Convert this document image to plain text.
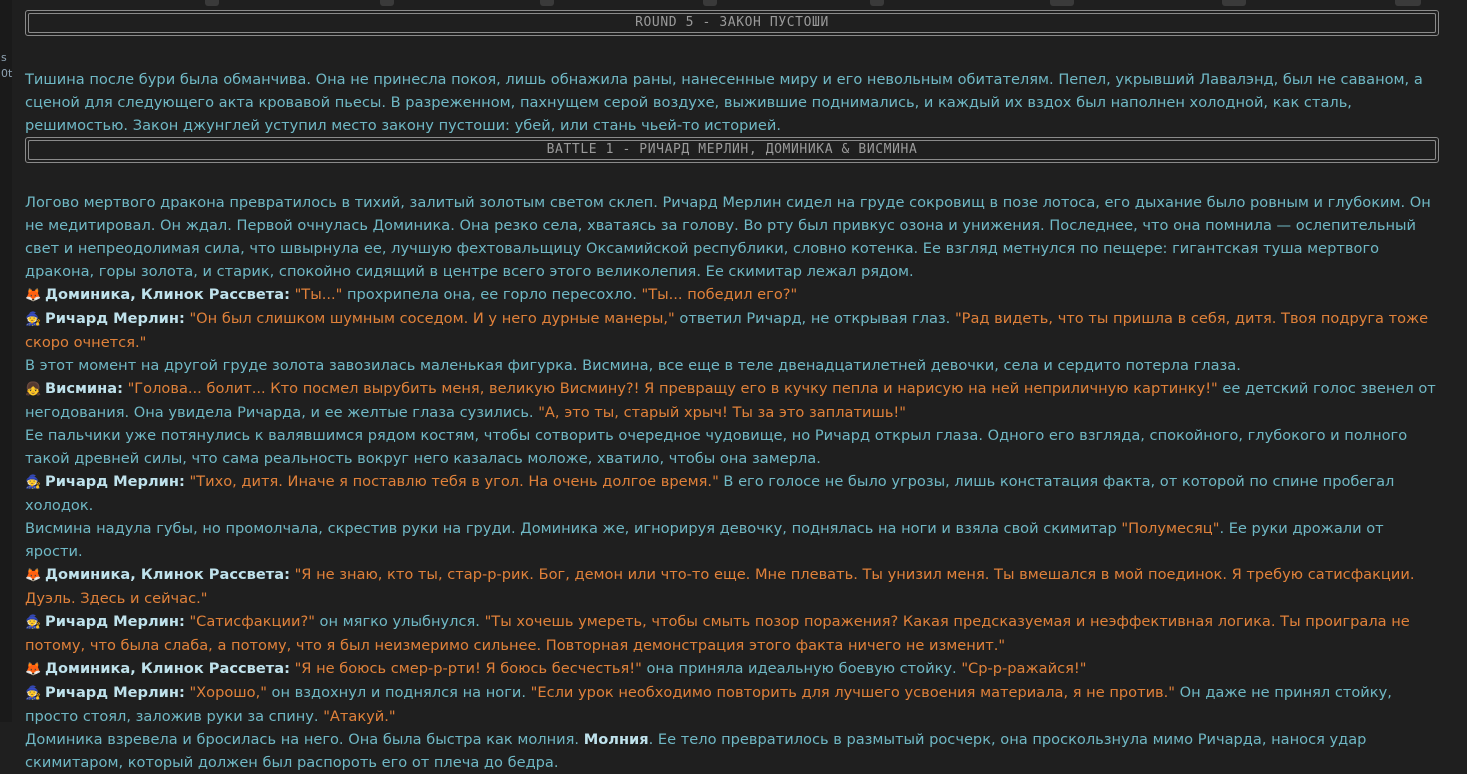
s
0t
ROUND 5 - ЗАКОН ПУСТОШИ

Тишина после бури была обманчива. Она не принесла покоя, лишь обнажила раны, нанесенные миру и его невольным обитателям. Пепел, укрывший Лавалэнд, был не саваном, а сценой для следующего акта кровавой пьесы. В разреженном, пахнущем серой воздухе, выжившие поднимались, и каждый их вздох был наполнен холодной, как сталь, решимостью. Закон джунглей уступил место закону пустоши: убей, или стань чьей-то историей.

BATTLE 1 - РИЧАРД МЕРЛИН, ДОМИНИКА & ВИСМИНА

Логово мертвого дракона превратилось в тихий, залитый золотым светом склеп. Ричард Мерлин сидел на груде сокровищ в позе лотоса, его дыхание было ровным и глубоким. Он не медитировал. Он ждал. Первой очнулась Доминика. Она резко села, хватаясь за голову. Во рту был привкус озона и унижения. Последнее, что она помнила — ослепительный свет и непреодолимая сила, что швырнула ее, лучшую фехтовальщицу Оксамийской республики, словно котенка. Ее взгляд метнулся по пещере: гигантская туша мертвого дракона, горы золота, и старик, спокойно сидящий в центре всего этого великолепия. Ее скимитар лежал рядом.

🦊 Доминика, Клинок Рассвета: "Ты..." прохрипела она, ее горло пересохло. "Ты... победил его?"

🧙 Ричард Мерлин: "Он был слишком шумным соседом. И у него дурные манеры," ответил Ричард, не открывая глаз. "Рад видеть, что ты пришла в себя, дитя. Твоя подруга тоже скоро очнется."

В этот момент на другой груде золота завозилась маленькая фигурка. Висмина, все еще в теле двенадцатилетней девочки, села и сердито потерла глаза.

👧 Висмина: "Голова... болит... Кто посмел вырубить меня, великую Висмину?! Я превращу его в кучку пепла и нарисую на ней неприличную картинку!" ее детский голос звенел от негодования. Она увидела Ричарда, и ее желтые глаза сузились. "А, это ты, старый хрыч! Ты за это заплатишь!"

Ее пальчики уже потянулись к валявшимся рядом костям, чтобы сотворить очередное чудовище, но Ричард открыл глаза. Одного его взгляда, спокойного, глубокого и полного такой древней силы, что сама реальность вокруг него казалась моложе, хватило, чтобы она замерла.

🧙 Ричард Мерлин: "Тихо, дитя. Иначе я поставлю тебя в угол. На очень долгое время." В его голосе не было угрозы, лишь констатация факта, от которой по спине пробегал холодок.

Висмина надула губы, но промолчала, скрестив руки на груди. Доминика же, игнорируя девочку, поднялась на ноги и взяла свой скимитар "Полумесяц". Ее руки дрожали от ярости.

🦊 Доминика, Клинок Рассвета: "Я не знаю, кто ты, стар-р-рик. Бог, демон или что-то еще. Мне плевать. Ты унизил меня. Ты вмешался в мой поединок. Я требую сатисфакции. Дуэль. Здесь и сейчас."

🧙 Ричард Мерлин: "Сатисфакции?" он мягко улыбнулся. "Ты хочешь умереть, чтобы смыть позор поражения? Какая предсказуемая и неэффективная логика. Ты проиграла не потому, что была слаба, а потому, что я был неизмеримо сильнее. Повторная демонстрация этого факта ничего не изменит."

🦊 Доминика, Клинок Рассвета: "Я не боюсь смер-р-рти! Я боюсь бесчестья!" она приняла идеальную боевую стойку. "Ср-р-ражайся!"

🧙 Ричард Мерлин: "Хорошо," он вздохнул и поднялся на ноги. "Если урок необходимо повторить для лучшего усвоения материала, я не против." Он даже не принял стойку, просто стоял, заложив руки за спину. "Атакуй."

Доминика взревела и бросилась на него. Она была быстра как молния. Молния. Ее тело превратилось в размытый росчерк, она проскользнула мимо Ричарда, нанося удар скимитаром, который должен был распороть его от плеча до бедра.
